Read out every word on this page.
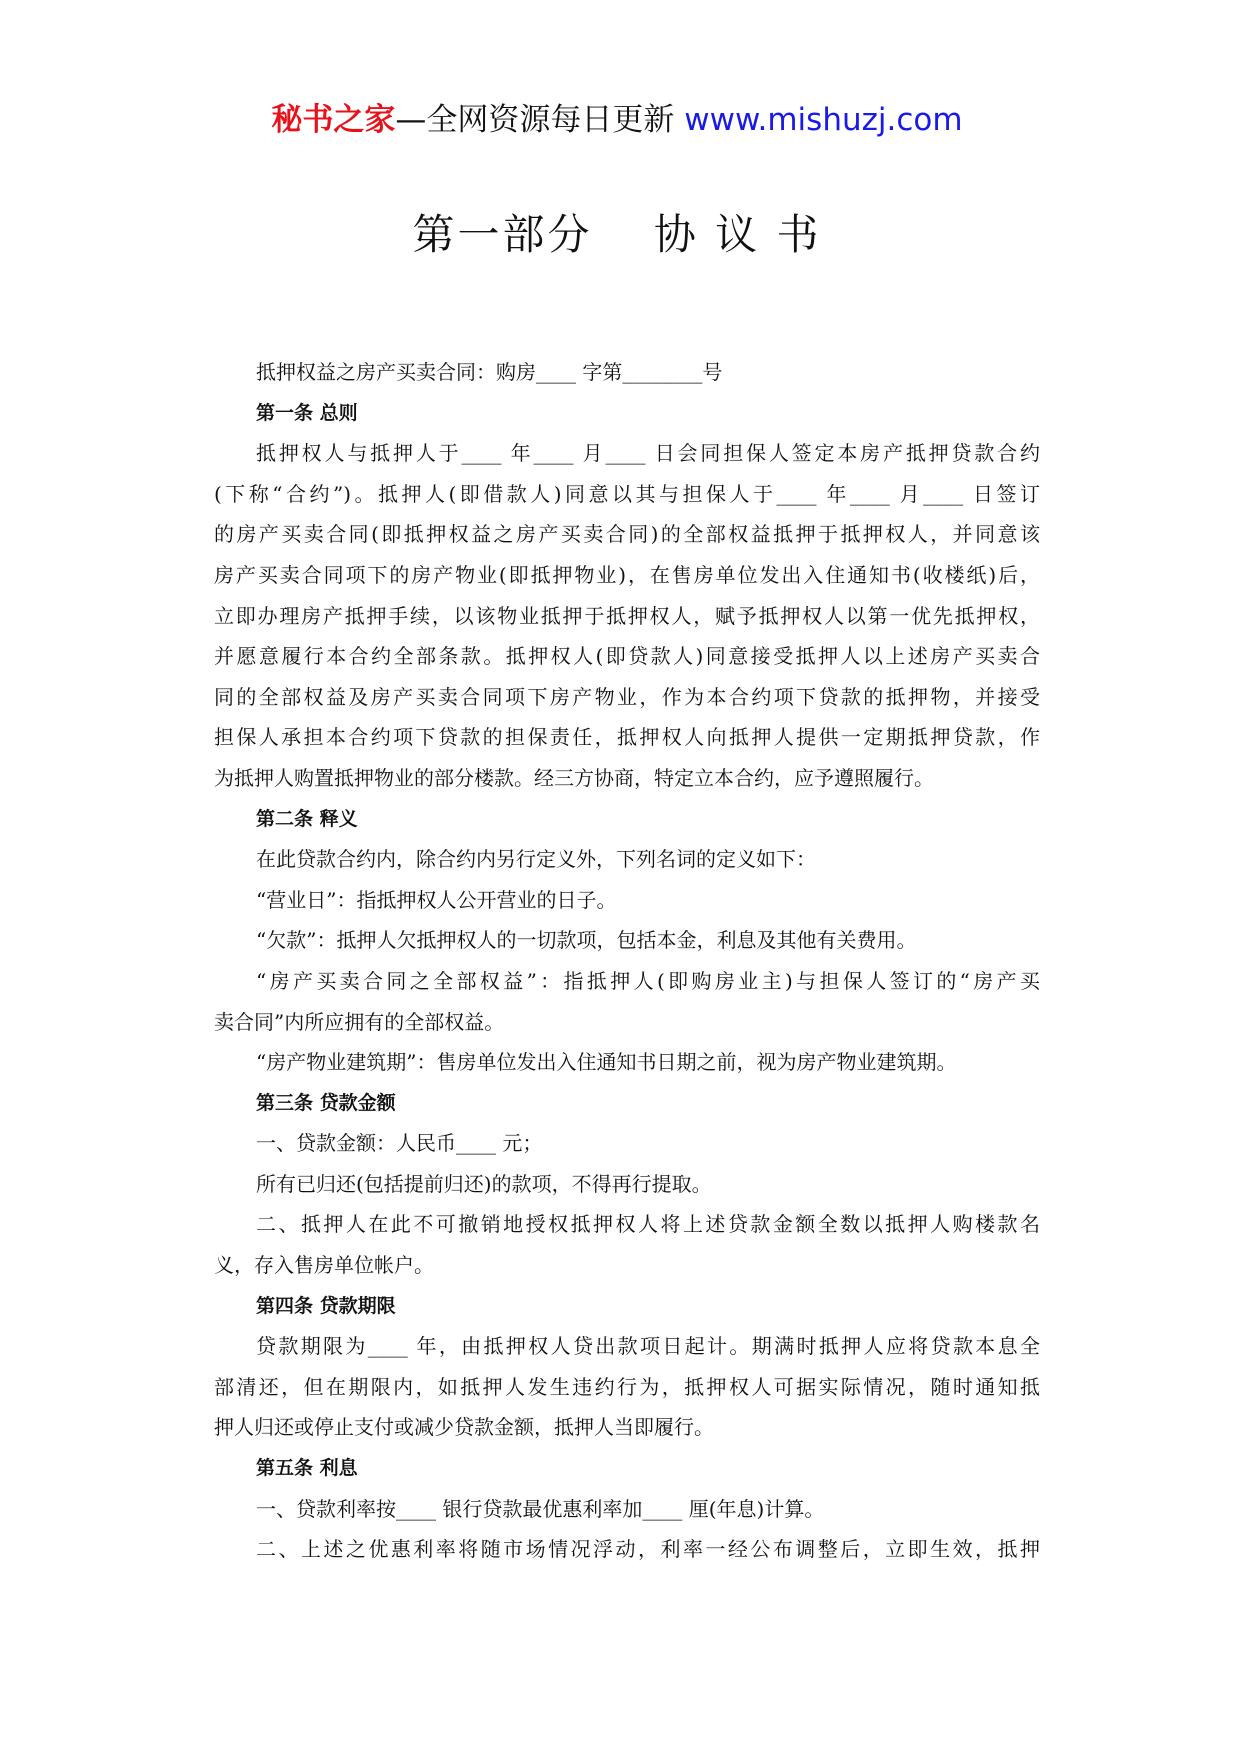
秘书之家—全网资源每日更新 www.mishuzj.com
第一部分　 协 议 书
抵押权益之房产买卖合同：购房____ 字第________号
第一条 总则
抵押权人与抵押人于____ 年____ 月____ 日会同担保人签定本房产抵押贷款合约
(下称“合约”)。抵押人(即借款人)同意以其与担保人于____ 年____ 月____ 日签订
的房产买卖合同(即抵押权益之房产买卖合同)的全部权益抵押于抵押权人，并同意该
房产买卖合同项下的房产物业(即抵押物业)，在售房单位发出入住通知书(收楼纸)后，
立即办理房产抵押手续，以该物业抵押于抵押权人，赋予抵押权人以第一优先抵押权，
并愿意履行本合约全部条款。抵押权人(即贷款人)同意接受抵押人以上述房产买卖合
同的全部权益及房产买卖合同项下房产物业，作为本合约项下贷款的抵押物，并接受
担保人承担本合约项下贷款的担保责任，抵押权人向抵押人提供一定期抵押贷款，作
为抵押人购置抵押物业的部分楼款。经三方协商，特定立本合约，应予遵照履行。
第二条 释义
在此贷款合约内，除合约内另行定义外，下列名词的定义如下：
“营业日”：指抵押权人公开营业的日子。
“欠款”：抵押人欠抵押权人的一切款项，包括本金，利息及其他有关费用。
“房产买卖合同之全部权益”：指抵押人(即购房业主)与担保人签订的“房产买
卖合同”内所应拥有的全部权益。
“房产物业建筑期”：售房单位发出入住通知书日期之前，视为房产物业建筑期。
第三条 贷款金额
一、贷款金额：人民币____ 元；
所有已归还(包括提前归还)的款项，不得再行提取。
二、抵押人在此不可撤销地授权抵押权人将上述贷款金额全数以抵押人购楼款名
义，存入售房单位帐户。
第四条 贷款期限
贷款期限为____ 年，由抵押权人贷出款项日起计。期满时抵押人应将贷款本息全
部清还，但在期限内，如抵押人发生违约行为，抵押权人可据实际情况，随时通知抵
押人归还或停止支付或减少贷款金额，抵押人当即履行。
第五条 利息
一、贷款利率按____ 银行贷款最优惠利率加____ 厘(年息)计算。
二、上述之优惠利率将随市场情况浮动，利率一经公布调整后，立即生效，抵押
